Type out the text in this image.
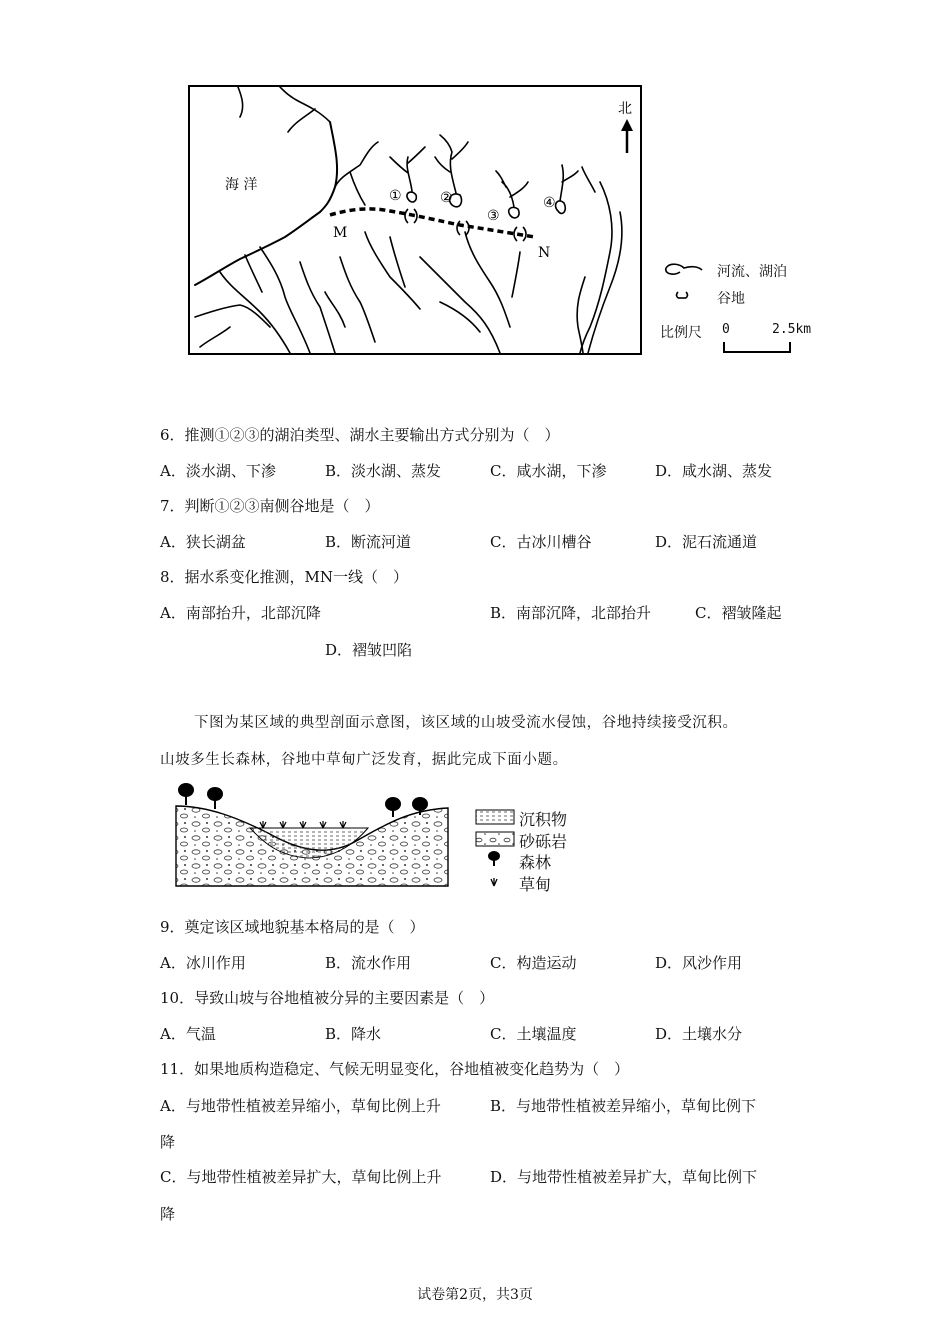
海 洋
M
N
①	②
③
④
北
河流、湖泊
谷地
比例尺 0	2.5km
6．推测①②③的湖泊类型、湖水主要输出方式分别为（　）
A．淡水湖、下渗	B．淡水湖、蒸发	C．咸水湖，下渗	D．咸水湖、蒸发
7．判断①②③南侧谷地是（　）
A．狭长湖盆	B．断流河道	C．古冰川槽谷	D．泥石流通道
8．据水系变化推测，MN一线（　）
A．南部抬升，北部沉降	B．南部沉降，北部抬升	C．褶皱隆起
D．褶皱凹陷
下图为某区域的典型剖面示意图，该区域的山坡受流水侵蚀，谷地持续接受沉积。
山坡多生长森林，谷地中草甸广泛发育，据此完成下面小题。
沉积物
砂砾岩
森林
草甸
9．奠定该区域地貌基本格局的是（　）
A．冰川作用	B．流水作用	C．构造运动	D．风沙作用
10．导致山坡与谷地植被分异的主要因素是（　）
A．气温	B．降水	C．土壤温度	D．土壤水分
11．如果地质构造稳定、气候无明显变化，谷地植被变化趋势为（　）
A．与地带性植被差异缩小，草甸比例上升	B．与地带性植被差异缩小，草甸比例下
降
C．与地带性植被差异扩大，草甸比例上升	D．与地带性植被差异扩大，草甸比例下
降
试卷第2页，共3页
